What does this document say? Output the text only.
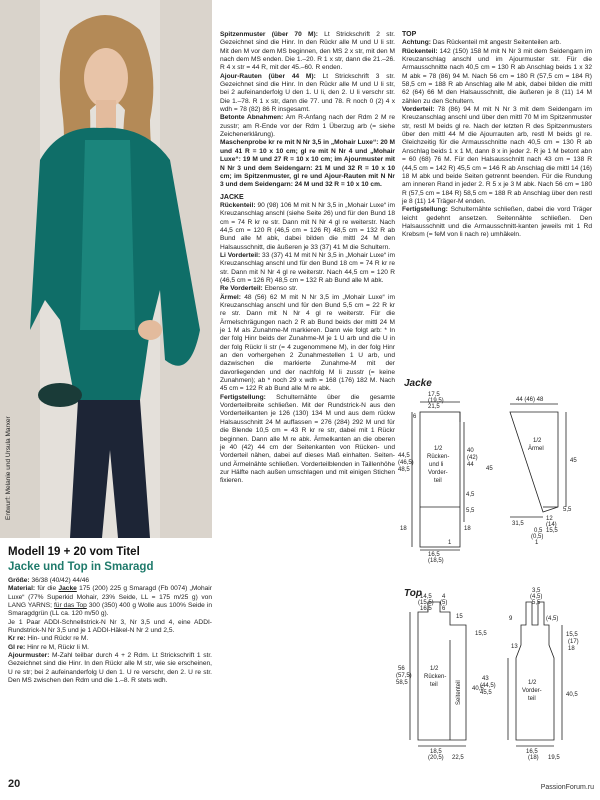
Entwurf: Melanie und Ursula Marxer
Modell 19 + 20 vom Titel
Jacke und Top in Smaragd

Größe: 36/38 (40/42) 44/46

Material: für die Jacke 175 (200) 225 g Smaragd (Fb 0074) „Mohair Luxe“ (77% Superkid Mohair, 23% Seide, LL = 175 m/25 g) von LANG YARNS; für das Top 300 (350) 400 g Wolle aus 100% Seide in Smaragdgrün (LL ca. 120 m/50 g).

Je 1 Paar ADDI-Schnellstrick-N Nr 3, Nr 3,5 und 4, eine ADDI-Rundstrick-N Nr 3,5 und je 1 ADDI-Häkel-N Nr 2 und 2,5.

Kr re: Hin- und Rückr re M.

Gl re: Hinr re M, Rückr li M.

Ajourmuster: M-Zahl teilbar durch 4 + 2 Rdm. Lt Strickschrift 1 str. Gezeichnet sind die Hinr. In den Rückr alle M str, wie sie erscheinen, U re str; bei 2 aufeinanderfolg U den 1. U re verschr, den 2. U re str. Den MS zwischen den Rdm und die 1.–8. R stets wdh.

Spitzenmuster (über 70 M): Lt Strickschrift 2 str. Gezeichnet sind die Hinr. In den Rückr alle M und U li str. Mit den M vor dem MS beginnen, den MS 2 x str, mit den M nach dem MS enden. Die 1.–20. R 1 x str, dann die 21.–26. R 4 x str = 44 R, mit der 45.–60. R enden.

Ajour-Rauten (über 44 M): Lt Strickschrift 3 str. Gezeichnet sind die Hinr. In den Rückr alle M und U li str, bei 2 aufeinanderfolg U den 1. U li, den 2. U li verschr str. Die 1.–78. R 1 x str, dann die 77. und 78. R noch 0 (2) 4 x wdh = 78 (82) 86 R insgesamt.

Betonte Abnahmen: Am R-Anfang nach der Rdm 2 M re zusstr; am R-Ende vor der Rdm 1 Überzug arb (= siehe Zeichenerklärung).

Maschenprobe kr re mit N Nr 3,5 in „Mohair Luxe“: 20 M und 41 R = 10 x 10 cm; gl re mit N Nr 4 und „Mohair Luxe“: 19 M und 27 R = 10 x 10 cm; im Ajourmuster mit N Nr 3 und dem Seidengarn: 21 M und 32 R = 10 x 10 cm; im Spitzenmuster, gl re und Ajour-Rauten mit N Nr 3 und dem Seidengarn: 24 M und 32 R = 10 x 10 cm.

JACKE

Rückenteil: 90 (98) 106 M mit N Nr 3,5 in „Mohair Luxe“ im Kreuzanschlag anschl (siehe Seite 26) und für den Bund 18 cm = 74 R kr re str. Dann mit N Nr 4 gl re weiterstr. Nach 44,5 cm = 120 R (46,5 cm = 126 R) 48,5 cm = 132 R ab Bund alle M abk, dabei bilden die mittl 24 M den Halsausschnitt, die äußeren je 33 (37) 41 M die Schultern.

Li Vorderteil: 33 (37) 41 M mit N Nr 3,5 in „Mohair Luxe“ im Kreuzanschlag anschl und für den Bund 18 cm = 74 R kr re str. Dann mit N Nr 4 gl re weiterstr. Nach 44,5 cm = 120 R (46,5 cm = 126 R) 48,5 cm = 132 R ab Bund alle M abk.

Re Vorderteil: Ebenso str.

Ärmel: 48 (56) 62 M mit N Nr 3,5 im „Mohair Luxe“ im Kreuzanschlag anschl und für den Bund 5,5 cm = 22 R kr re str. Dann mit N Nr 4 gl re weiterstr. Für die Ärmelschrägungen nach 2 R ab Bund beids der mittl 24 M je 1 M als Zunahme-M markieren. Dann wie folgt arb: * In der folg Hinr beids der Zunahme-M je 1 U arb und die U in der folg Rückr li str (= 4 zugenommene M), in der folg Hinr an den vorhergehen 2 Zunahmestellen 1 U arb, und dazwischen die markierte Zunahme-M mit der davorliegenden und der nachfolg M li zusstr (= keine Zunahmen); ab * noch 29 x wdh = 168 (176) 182 M. Nach 45 cm = 122 R ab Bund alle M re abk.

Fertigstellung: Schulternähte über die gesamte Vorderteilbreite schließen. Mit der Rundstrick-N aus den Vorderteilkanten je 126 (130) 134 M und aus dem rückw Halsausschnitt 24 M auffassen = 276 (284) 292 M und für die Blende 10,5 cm = 43 R kr re str, dabei mit 1 Rückr beginnen. Dann alle M re abk. Ärmelkanten an die oberen je 40 (42) 44 cm der Seitenkanten von Rücken- und Vorderteil nähen, dabei auf dieses Maß einhalten. Seiten- und Ärmelnähte schließen. Vorderteilblenden in Taillenhöhe zur Hälfte nach außen umschlagen und mit einigen Stichen fixieren.

TOP

Achtung: Das Rückenteil mit angestr Seitenteilen arb.

Rückenteil: 142 (150) 158 M mit N Nr 3 mit dem Seidengarn im Kreuzanschlag anschl und im Ajourmuster str. Für die Armausschnitte nach 40,5 cm = 130 R ab Anschlag beids 1 x 32 M abk = 78 (86) 94 M. Nach 56 cm = 180 R (57,5 cm = 184 R) 58,5 cm = 188 R ab Anschlag alle M abk, dabei bilden die mittl 62 (64) 66 M den Halsausschnitt, die äußeren je 8 (11) 14 M zählen zu den Schultern.

Vorderteil: 78 (86) 94 M mit N Nr 3 mit dem Seidengarn im Kreuzanschlag anschl und über den mittl 70 M im Spitzenmuster str, restl M beids gl re. Nach der letzten R des Spitzenmusters über den mittl 44 M die Ajourrauten arb, restl M beids gl re. Gleichzeitig für die Armausschnitte nach 40,5 cm = 130 R ab Anschlag beids 1 x 1 M, dann 8 x in jeder 2. R je 1 M betont abn = 60 (68) 76 M. Für den Halsausschnitt nach 43 cm = 138 R (44,5 cm = 142 R) 45,5 cm = 146 R ab Anschlag die mittl 14 (16) 18 M abk und beide Seiten getrennt beenden. Für die Rundung am inneren Rand in jeder 2. R 5 x je 3 M abk. Nach 56 cm = 180 R (57,5 cm = 184 R) 58,5 cm = 188 R ab Anschlag über den restl je 8 (11) 14 Träger-M enden.

Fertigstellung: Schulternähte schließen, dabei die vord Träger leicht gedehnt ansetzen. Seitennähte schließen. Den Halsausschnitt und die Armausschnitt-kanten jeweils mit 1 Rd Krebsm (= feM von li nach re) umhäkeln.

Jacke
17,5
(19,5)
21,5
6
44,5
(46,5)
48,5
1/2
Rücken-
und li
Vorder-
teil
40
(42)
44
45
4,5
5,5
18	18
16,5
(18,5)
1
44 (46) 48
1/2
Ärmel
45
31,5
12
(14)
15,5
5,5
0,5
(0,5)
1
Top
14,5
(15,5)
16,5
4
(5)
6
15
56
(57,5)
58,5
1/2
Rücken-
teil	Seitenteil 40,5
18,5
(20,5) 22,5
3,5
(4,5)
5,5
9	(4,5)
15,5
(17)
18
13
15,5
43
(44,5)
45,5
1/2
Vorder-
teil
40,5
16,5
(18) 19,5
20	PassionForum.ru
